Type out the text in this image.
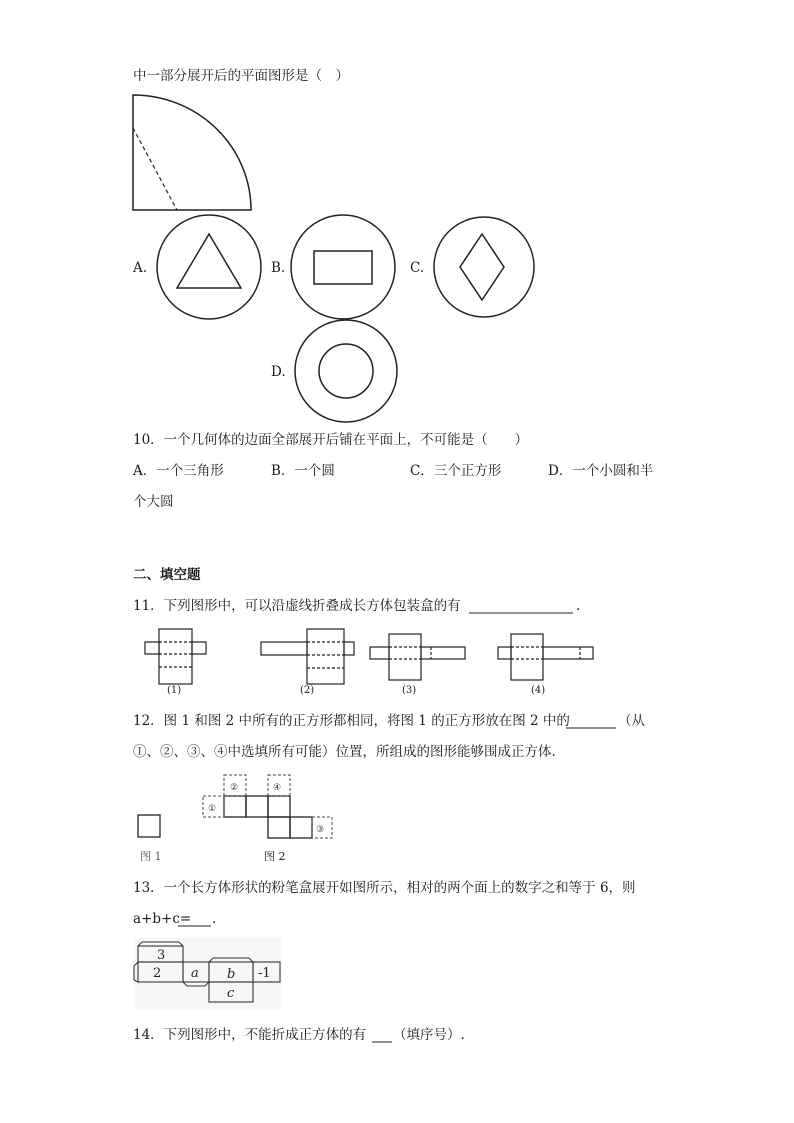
中一部分展开后的平面图形是（　）
A.	B.	C.
D.
10．一个几何体的边面全部展开后铺在平面上，不可能是（　　）
A．一个三角形	B．一个圆	C．三个正方形	D．一个小圆和半
个大圆
二、填空题
11．下列图形中，可以沿虚线折叠成长方体包装盒的有	.
(1)	(2)	(3)	(4)
12．图 1 和图 2 中所有的正方形都相同，将图 1 的正方形放在图 2 中的	（从
①、②、③、④中选填所有可能）位置，所组成的图形能够围成正方体.
①
②	④
③
图 1	图 2
13．一个长方体形状的粉笔盒展开如图所示，相对的两个面上的数字之和等于 6，则
a+b+c= .
3
2 a b -1
c
14．下列图形中，不能折成正方体的有 （填序号）.
